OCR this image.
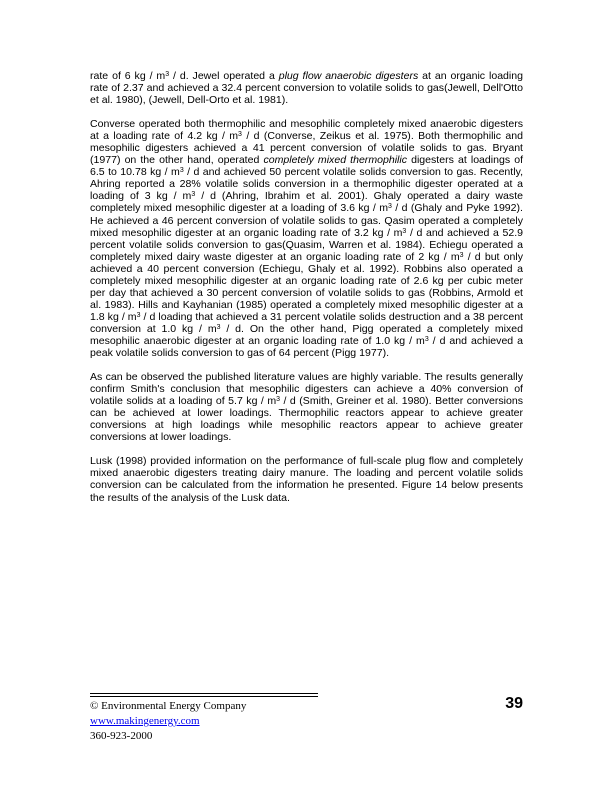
rate of 6 kg / $m^3$ / d. Jewel operated a plug flow anaerobic digesters at an organic loading rate of 2.37 and achieved a 32.4 percent conversion to volatile solids to gas(Jewell, Dell'Otto et al. 1980), (Jewell, Dell-Orto et al. 1981).

Converse operated both thermophilic and mesophilic completely mixed anaerobic digesters at a loading rate of 4.2 kg / $m^3$ / d (Converse, Zeikus et al. 1975). Both thermophilic and mesophilic digesters achieved a 41 percent conversion of volatile solids to gas. Bryant (1977) on the other hand, operated completely mixed thermophilic digesters at loadings of 6.5 to 10.78 kg / $m^3$ / d and achieved 50 percent volatile solids conversion to gas. Recently, Ahring reported a 28% volatile solids conversion in a thermophilic digester operated at a loading of 3 kg / $m^3$ / d (Ahring, Ibrahim et al. 2001). Ghaly operated a dairy waste completely mixed mesophilic digester at a loading of 3.6 kg / $m^3$ / d (Ghaly and Pyke 1992). He achieved a 46 percent conversion of volatile solids to gas. Qasim operated a completely mixed mesophilic digester at an organic loading rate of 3.2 kg / $m^3$ / d and achieved a 52.9 percent volatile solids conversion to gas(Quasim, Warren et al. 1984). Echiegu operated a completely mixed dairy waste digester at an organic loading rate of 2 kg / $m^3$ / d but only achieved a 40 percent conversion (Echiegu, Ghaly et al. 1992). Robbins also operated a completely mixed mesophilic digester at an organic loading rate of 2.6 kg per cubic meter per day that achieved a 30 percent conversion of volatile solids to gas (Robbins, Armold et al. 1983). Hills and Kayhanian (1985) operated a completely mixed mesophilic digester at a 1.8 kg / $m^3$ / d loading that achieved a 31 percent volatile solids destruction and a 38 percent conversion at 1.0 kg / $m^3$ / d. On the other hand, Pigg operated a completely mixed mesophilic anaerobic digester at an organic loading rate of 1.0 kg / $m^3$ / d and achieved a peak volatile solids conversion to gas of 64 percent (Pigg 1977).

As can be observed the published literature values are highly variable. The results generally confirm Smith's conclusion that mesophilic digesters can achieve a 40% conversion of volatile solids at a loading of 5.7 kg / $m^3$ / d (Smith, Greiner et al. 1980). Better conversions can be achieved at lower loadings. Thermophilic reactors appear to achieve greater conversions at high loadings while mesophilic reactors appear to achieve greater conversions at lower loadings.

Lusk (1998) provided information on the performance of full-scale plug flow and completely mixed anaerobic digesters treating dairy manure. The loading and percent volatile solids conversion can be calculated from the information he presented. Figure 14 below presents the results of the analysis of the Lusk data.

© Environmental Energy Company
www.makingenergy.com
360-923-2000
39
